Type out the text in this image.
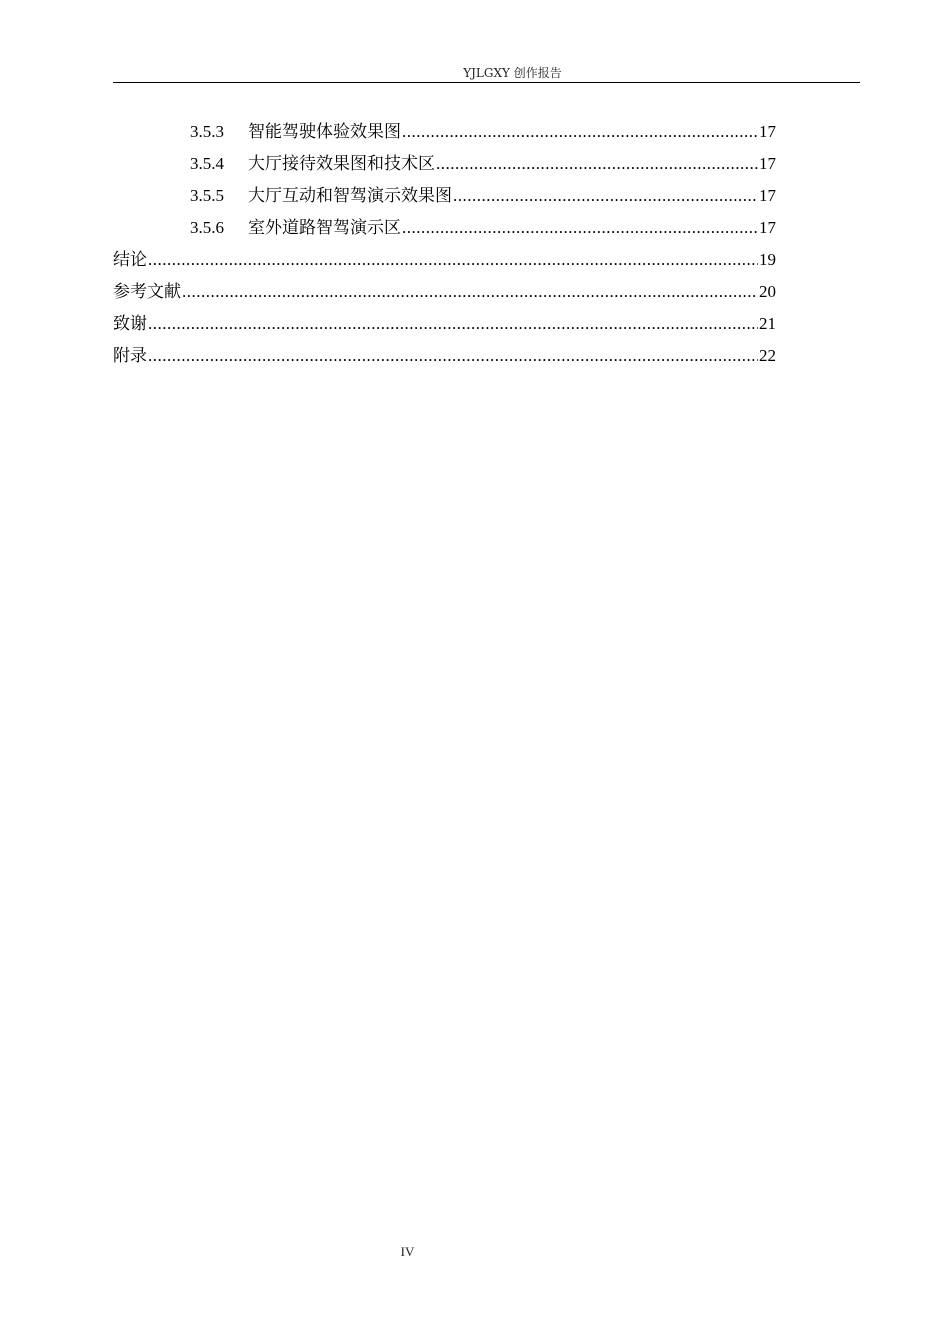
YJLGXY 创作报告
3.5.3	智能驾驶体验效果图 .....	17
3.5.4	大厅接待效果图和技术区 .....	17
3.5.5	大厅互动和智驾演示效果图 .....	17
3.5.6	室外道路智驾演示区 .....	17
结论 .....	19
参考文献 .....	20
致谢 .....	21
附录 .....	22
IV
